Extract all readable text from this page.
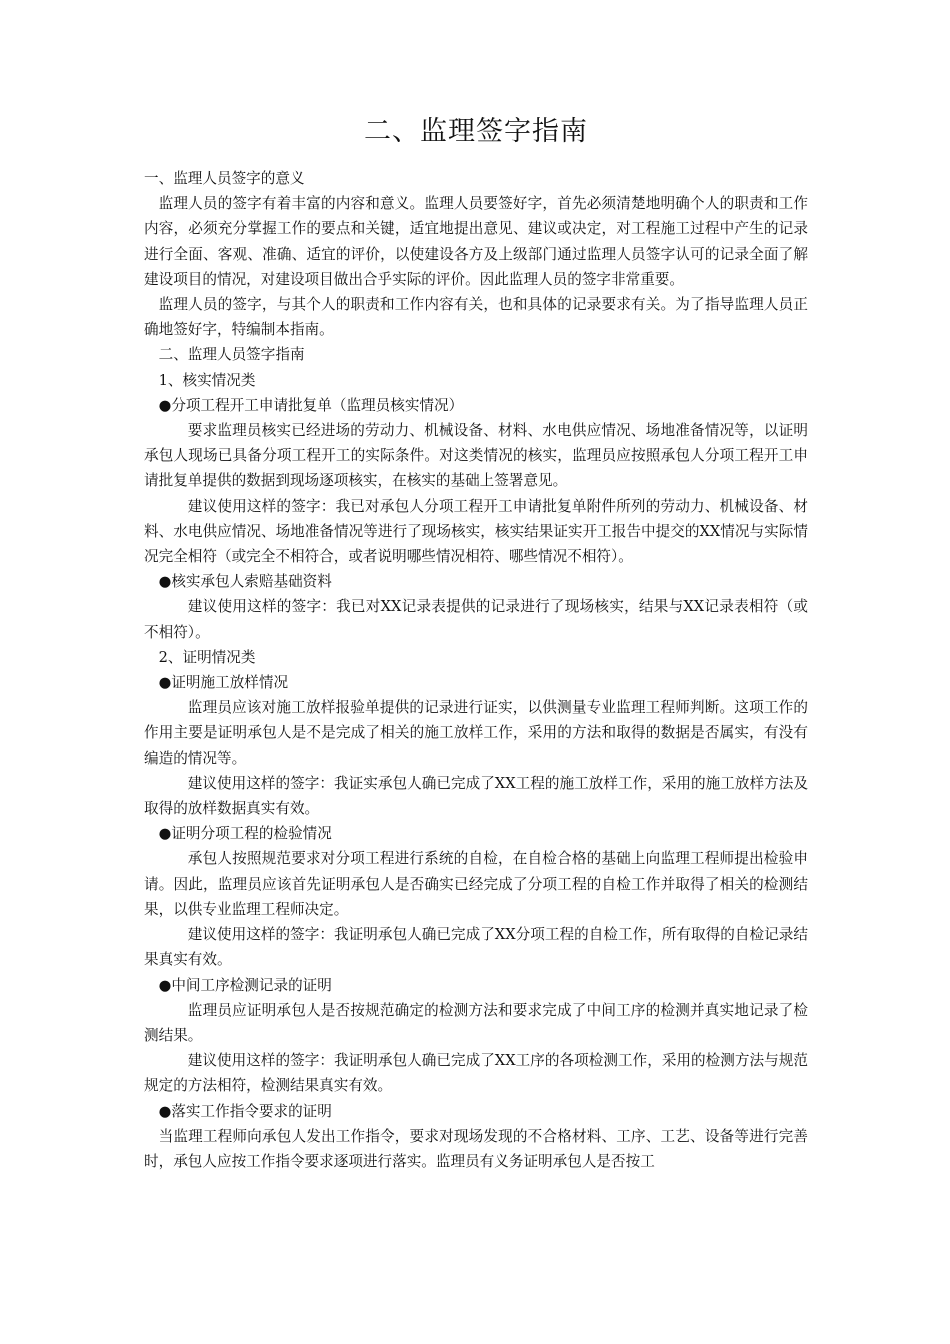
二、监理签字指南

一、监理人员签字的意义

监理人员的签字有着丰富的内容和意义。监理人员要签好字，首先必须清楚地明确个人的职责和工作内容，必须充分掌握工作的要点和关键，适宜地提出意见、建议或决定，对工程施工过程中产生的记录进行全面、客观、准确、适宜的评价，以使建设各方及上级部门通过监理人员签字认可的记录全面了解建设项目的情况，对建设项目做出合乎实际的评价。因此监理人员的签字非常重要。

监理人员的签字，与其个人的职责和工作内容有关，也和具体的记录要求有关。为了指导监理人员正确地签好字，特编制本指南。

二、监理人员签字指南

1、核实情况类

●分项工程开工申请批复单（监理员核实情况）

要求监理员核实已经进场的劳动力、机械设备、材料、水电供应情况、场地准备情况等，以证明承包人现场已具备分项工程开工的实际条件。对这类情况的核实，监理员应按照承包人分项工程开工申请批复单提供的数据到现场逐项核实，在核实的基础上签署意见。

建议使用这样的签字：我已对承包人分项工程开工申请批复单附件所列的劳动力、机械设备、材料、水电供应情况、场地准备情况等进行了现场核实，核实结果证实开工报告中提交的XX情况与实际情况完全相符（或完全不相符合，或者说明哪些情况相符、哪些情况不相符）。

●核实承包人索赔基础资料

建议使用这样的签字：我已对XX记录表提供的记录进行了现场核实，结果与XX记录表相符（或不相符）。

2、证明情况类

●证明施工放样情况

监理员应该对施工放样报验单提供的记录进行证实，以供测量专业监理工程师判断。这项工作的作用主要是证明承包人是不是完成了相关的施工放样工作，采用的方法和取得的数据是否属实，有没有编造的情况等。

建议使用这样的签字：我证实承包人确已完成了XX工程的施工放样工作，采用的施工放样方法及取得的放样数据真实有效。

●证明分项工程的检验情况

承包人按照规范要求对分项工程进行系统的自检，在自检合格的基础上向监理工程师提出检验申请。因此，监理员应该首先证明承包人是否确实已经完成了分项工程的自检工作并取得了相关的检测结果，以供专业监理工程师决定。

建议使用这样的签字：我证明承包人确已完成了XX分项工程的自检工作，所有取得的自检记录结果真实有效。

●中间工序检测记录的证明

监理员应证明承包人是否按规范确定的检测方法和要求完成了中间工序的检测并真实地记录了检测结果。

建议使用这样的签字：我证明承包人确已完成了XX工序的各项检测工作，采用的检测方法与规范规定的方法相符，检测结果真实有效。

●落实工作指令要求的证明

当监理工程师向承包人发出工作指令，要求对现场发现的不合格材料、工序、工艺、设备等进行完善时，承包人应按工作指令要求逐项进行落实。监理员有义务证明承包人是否按工
